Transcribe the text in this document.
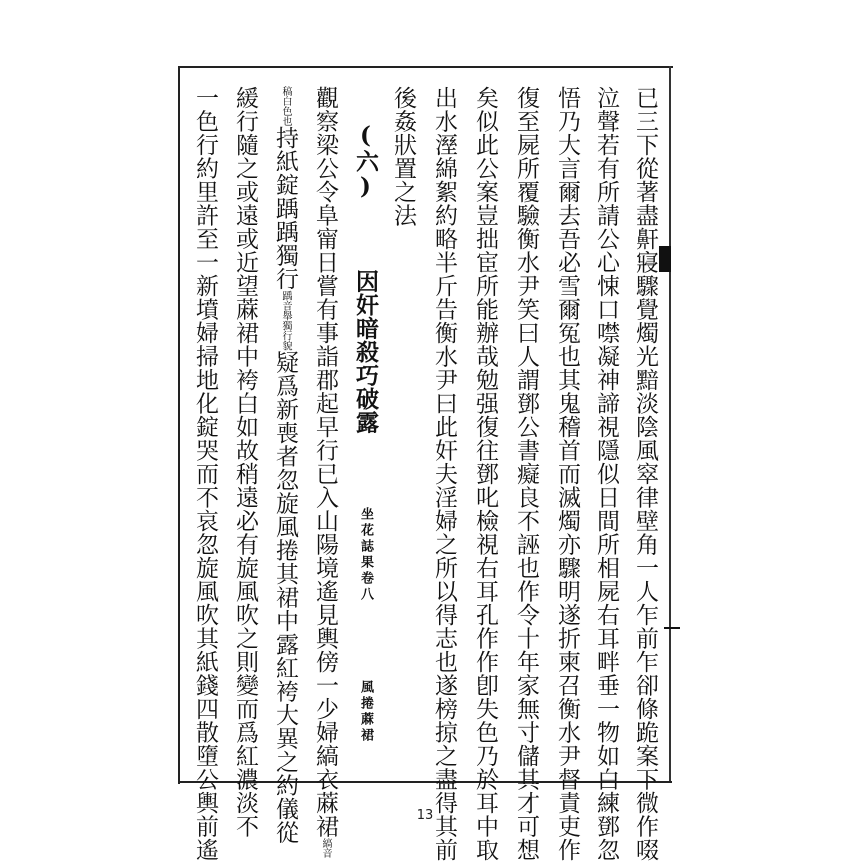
已三下從著盡鼾寢驟覺燭光黯淡陰風窣律壁角一人乍前乍卻條跪案下微作啜
泣聲若有所請公心悚口噤凝神諦視隱似日間所相屍右耳畔垂一物如白練鄧忽
悟乃大言爾去吾必雪爾冤也其鬼稽首而滅燭亦驟明遂折柬召衡水尹督責吏作
復至屍所覆驗衡水尹笑曰人謂鄧公書癡良不誣也作令十年家無寸儲其才可想
矣似此公案豈拙宦所能辦哉勉强復往鄧叱檢視右耳孔作作卽失色乃於耳中取
出水溼綿絮約略半斤告衡水尹曰此奸夫淫婦之所以得志也遂榜掠之盡得其前
後姦狀置之法
(六)  因奸暗殺巧破露  坐花誌果卷八  風捲蔴裙
觀察梁公令阜甯日嘗有事詣郡起早行已入山陽境遙見輿傍一少婦縞衣蔴裙縞音
稿白色也持紙錠踽踽獨行踽音舉獨行貌疑爲新喪者忽旋風捲其裙中露紅袴大異之約儀從
緩行隨之或遠或近望蔴裙中袴白如故稍遠必有旋風吹之則變而爲紅濃淡不
一色行約里許至一新墳婦掃地化錠哭而不哀忽旋風吹其紙錢四散墮公輿前遙	13
